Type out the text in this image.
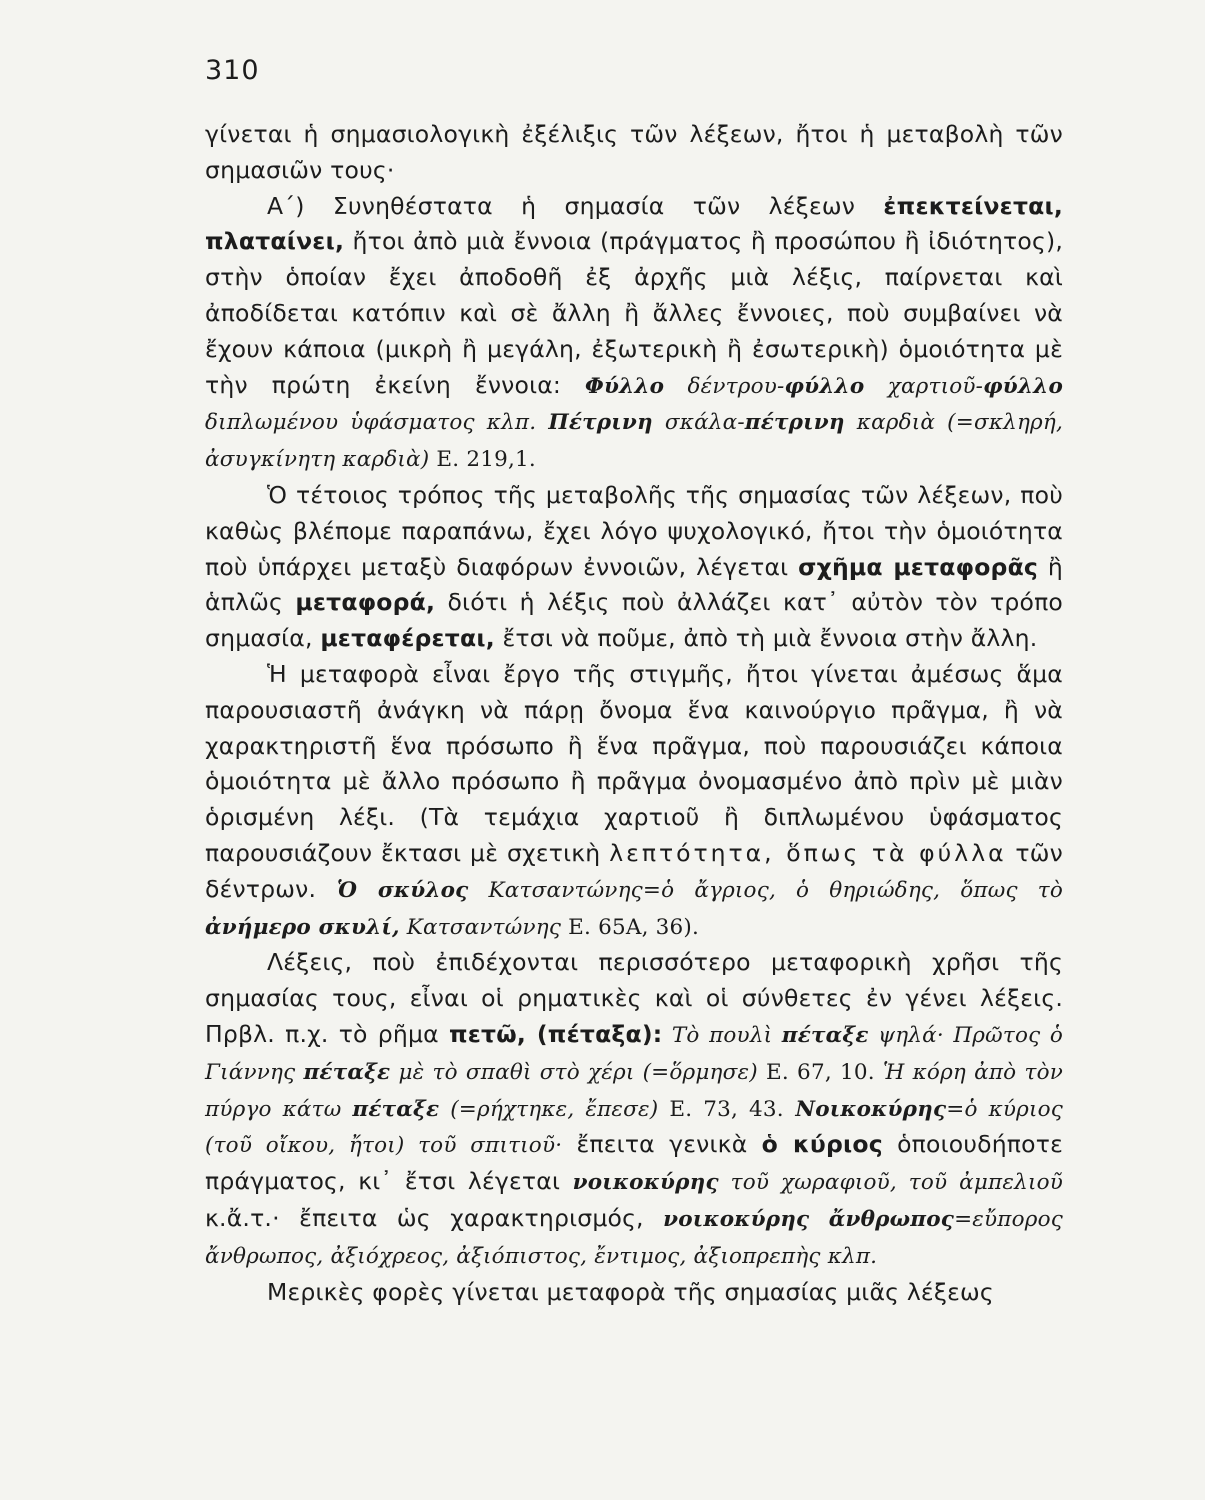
310

γίνεται ἡ σημασιολογικὴ ἐξέλιξις τῶν λέξεων, ἤτοι ἡ μεταβολὴ τῶν σημασιῶν τους·

Α΄) Συνηθέστατα ἡ σημασία τῶν λέξεων ἐπεκτείνεται, πλαταίνει, ἤτοι ἀπὸ μιὰ ἔννοια (πράγματος ἢ προσώπου ἢ ἰδιότητος), στὴν ὁποίαν ἔχει ἀποδοθῆ ἐξ ἀρχῆς μιὰ λέξις, παίρνεται καὶ ἀποδίδεται κατόπιν καὶ σὲ ἄλλη ἢ ἄλλες ἔννοιες, ποὺ συμβαίνει νὰ ἔχουν κάποια (μικρὴ ἢ μεγάλη, ἐξωτερικὴ ἢ ἐσωτερικὴ) ὁμοιότητα μὲ τὴν πρώτη ἐκείνη ἔννοια: Φύλλο δέντρου-φύλλο χαρτιοῦ-φύλλο διπλωμένου ὑφάσματος κλπ. Πέτρινη σκάλα-πέτρινη καρδιὰ (=σκληρή, ἀσυγκίνητη καρδιὰ) Ε. 219,1.

Ὁ τέτοιος τρόπος τῆς μεταβολῆς τῆς σημασίας τῶν λέξεων, ποὺ καθὼς βλέπομε παραπάνω, ἔχει λόγο ψυχολογικό, ἤτοι τὴν ὁμοιότητα ποὺ ὑπάρχει μεταξὺ διαφόρων ἐννοιῶν, λέγεται σχῆμα μεταφορᾶς ἢ ἁπλῶς μεταφορά, διότι ἡ λέξις ποὺ ἀλλάζει κατ᾽ αὐτὸν τὸν τρόπο σημασία, μεταφέρεται, ἔτσι νὰ ποῦμε, ἀπὸ τὴ μιὰ ἔννοια στὴν ἄλλη.

Ἡ μεταφορὰ εἶναι ἔργο τῆς στιγμῆς, ἤτοι γίνεται ἀμέσως ἅμα παρουσιαστῆ ἀνάγκη νὰ πάρῃ ὄνομα ἕνα καινούργιο πρᾶγμα, ἢ νὰ χαρακτηριστῆ ἕνα πρόσωπο ἢ ἕνα πρᾶγμα, ποὺ παρουσιάζει κάποια ὁμοιότητα μὲ ἄλλο πρόσωπο ἢ πρᾶγμα ὀνομασμένο ἀπὸ πρὶν μὲ μιὰν ὁρισμένη λέξι. (Τὰ τεμάχια χαρτιοῦ ἢ διπλωμένου ὑφάσματος παρουσιάζουν ἔκτασι μὲ σχετικὴ λεπτότητα, ὅπως τὰ φύλλα τῶν δέντρων. Ὁ σκύλος Κατσαντώνης=ὁ ἄγριος, ὁ θηριώδης, ὅπως τὸ ἀνήμερο σκυλί, Κατσαντώνης Ε. 65Α, 36).

Λέξεις, ποὺ ἐπιδέχονται περισσότερο μεταφορικὴ χρῆσι τῆς σημασίας τους, εἶναι οἱ ρηματικὲς καὶ οἱ σύνθετες ἐν γένει λέξεις. Πρβλ. π.χ. τὸ ρῆμα πετῶ, (πέταξα): Τὸ πουλὶ πέταξε ψηλά· Πρῶτος ὁ Γιάννης πέταξε μὲ τὸ σπαθὶ στὸ χέρι (=ὅρμησε) Ε. 67, 10. Ἡ κόρη ἀπὸ τὸν πύργο κάτω πέταξε (=ρήχτηκε, ἔπεσε) Ε. 73, 43. Νοικοκύρης=ὁ κύριος (τοῦ οἴκου, ἤτοι) τοῦ σπιτιοῦ· ἔπειτα γενικὰ ὁ κύριος ὁποιουδήποτε πράγματος, κι᾽ ἔτσι λέγεται νοικοκύρης τοῦ χωραφιοῦ, τοῦ ἀμπελιοῦ κ.ἄ.τ.· ἔπειτα ὡς χαρακτηρισμός, νοικοκύρης ἄνθρωπος=εὔπορος ἄνθρωπος, ἀξιόχρεος, ἀξιόπιστος, ἔντιμος, ἀξιοπρεπὴς κλπ.

Μερικὲς φορὲς γίνεται μεταφορὰ τῆς σημασίας μιᾶς λέξεως
